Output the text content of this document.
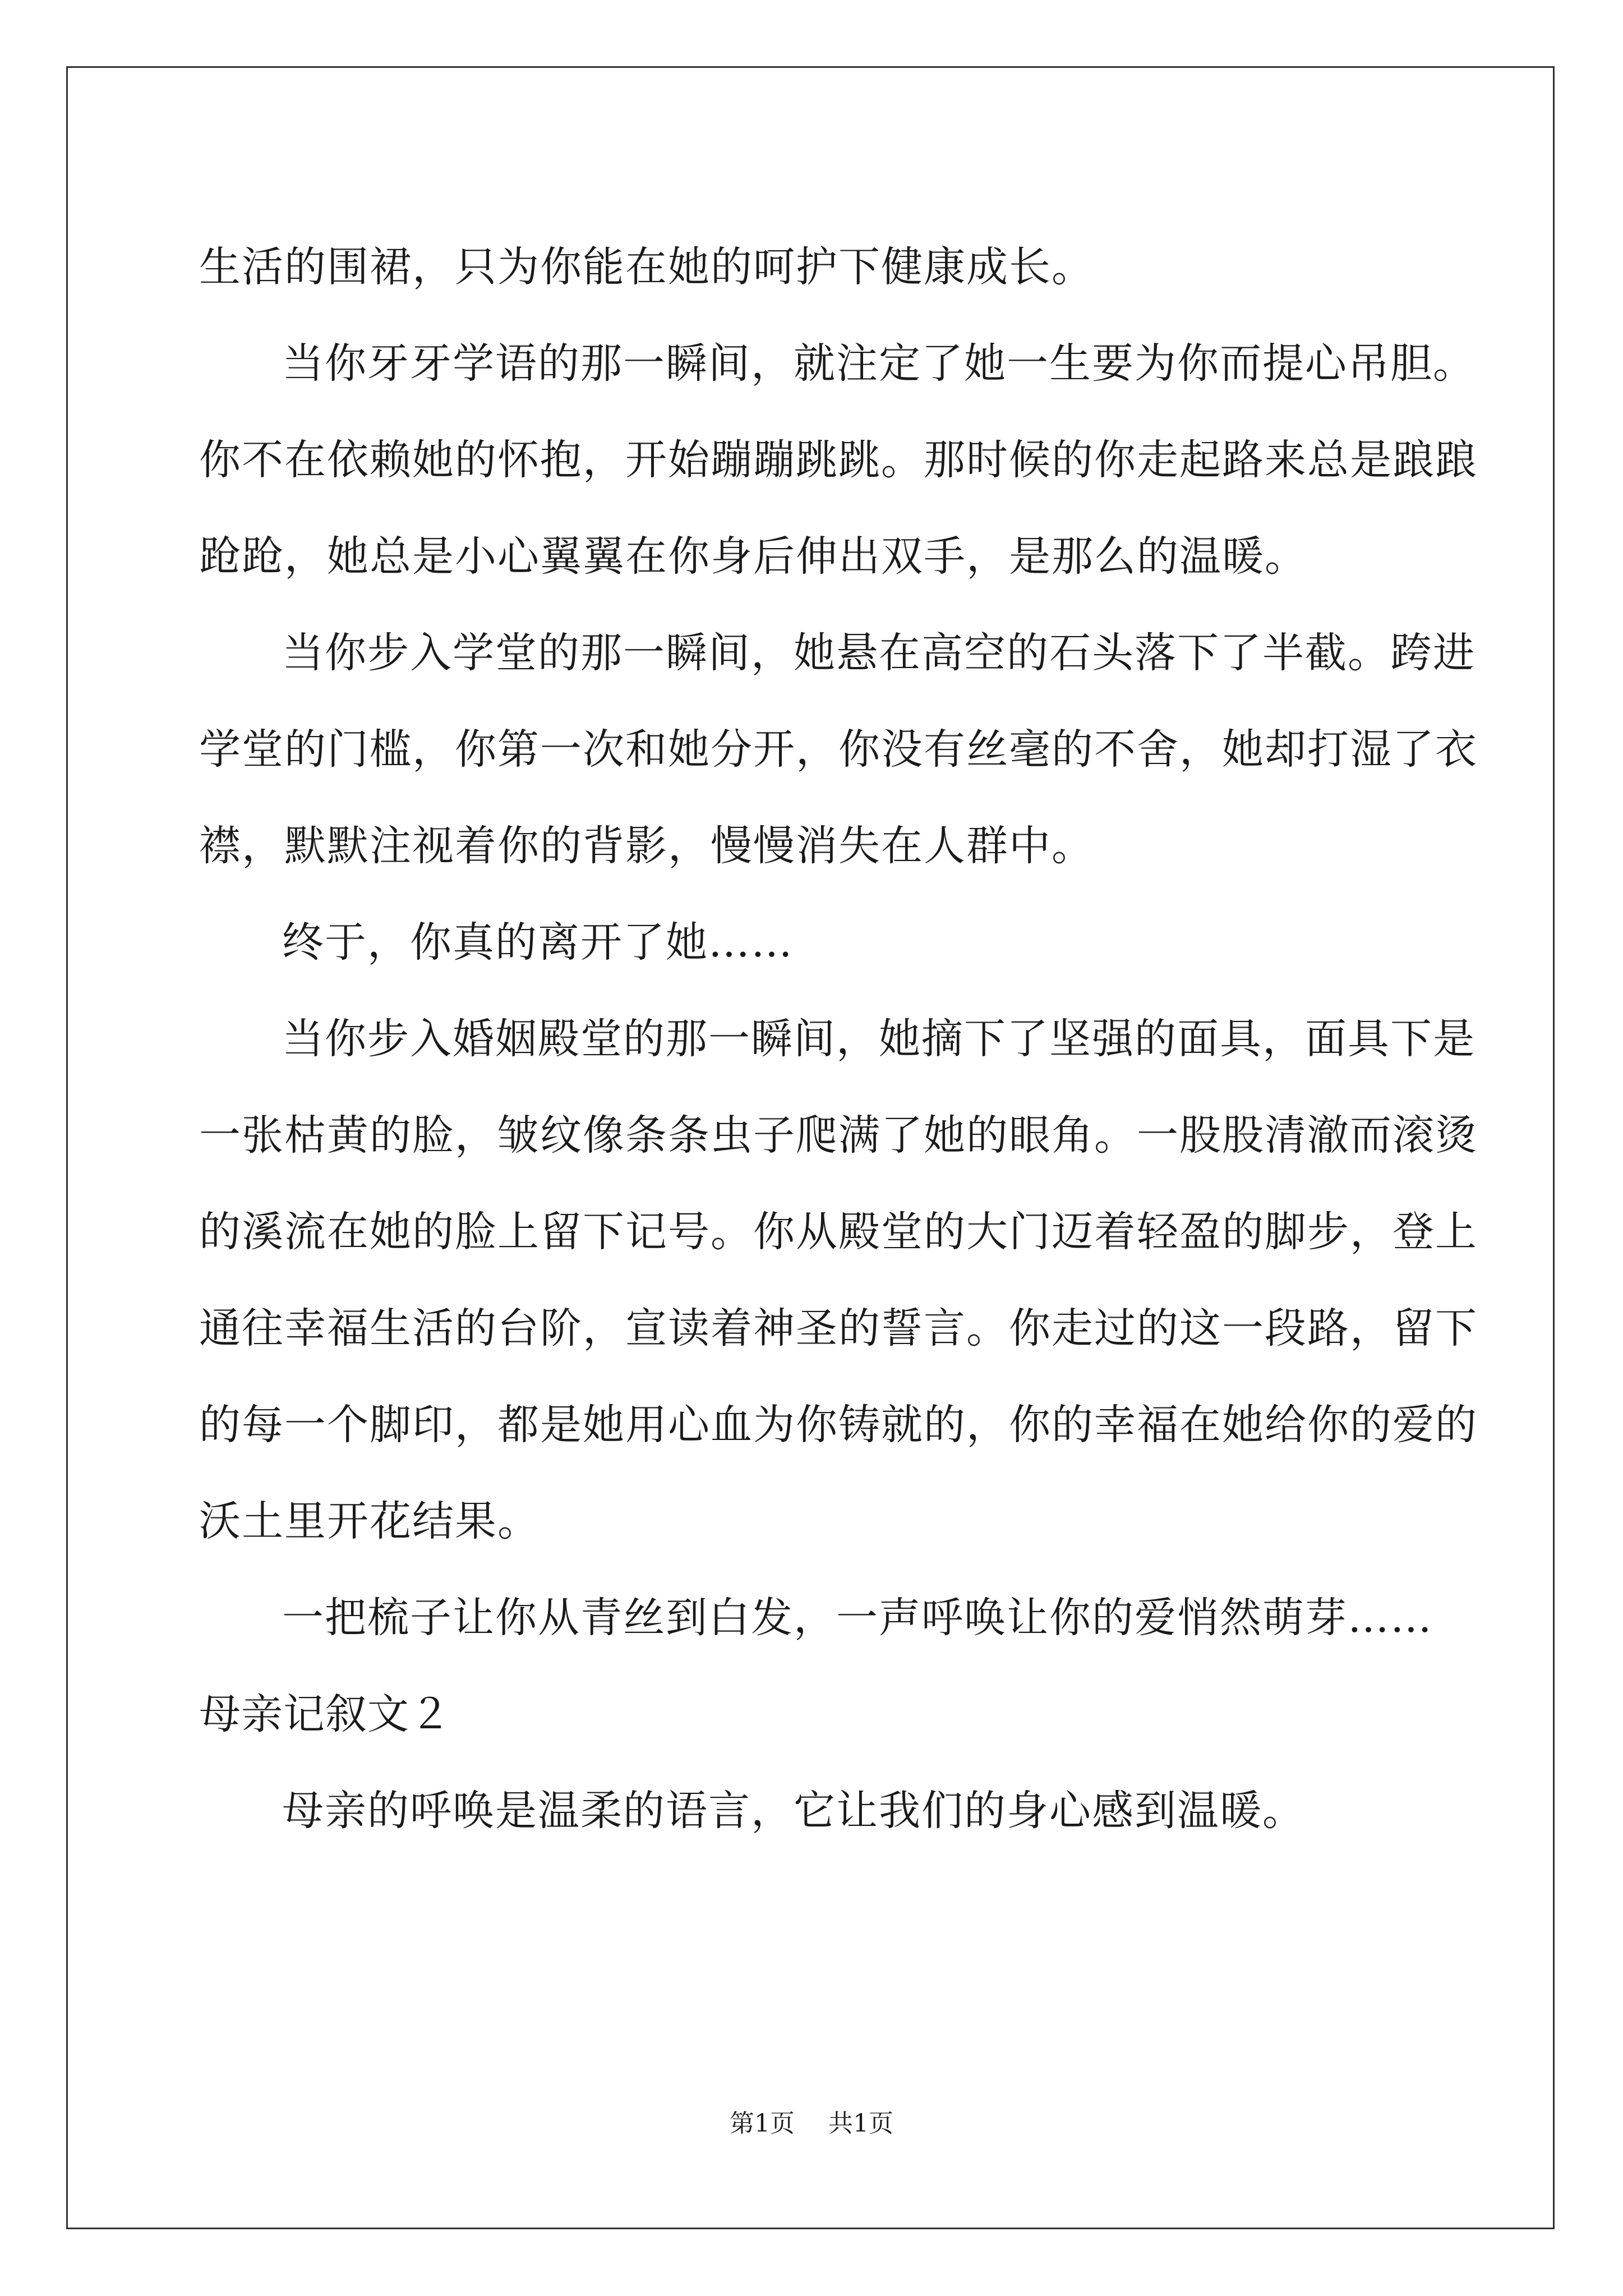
生活的围裙，只为你能在她的呵护下健康成长。
当你牙牙学语的那一瞬间，就注定了她一生要为你而提心吊胆。
你不在依赖她的怀抱，开始蹦蹦跳跳。那时候的你走起路来总是踉踉
跄跄，她总是小心翼翼在你身后伸出双手，是那么的温暖。
当你步入学堂的那一瞬间，她悬在高空的石头落下了半截。跨进
学堂的门槛，你第一次和她分开，你没有丝毫的不舍，她却打湿了衣
襟，默默注视着你的背影，慢慢消失在人群中。
终于，你真的离开了她……
当你步入婚姻殿堂的那一瞬间，她摘下了坚强的面具，面具下是
一张枯黄的脸，皱纹像条条虫子爬满了她的眼角。一股股清澈而滚烫
的溪流在她的脸上留下记号。你从殿堂的大门迈着轻盈的脚步，登上
通往幸福生活的台阶，宣读着神圣的誓言。你走过的这一段路，留下
的每一个脚印，都是她用心血为你铸就的，你的幸福在她给你的爱的
沃土里开花结果。
一把梳子让你从青丝到白发，一声呼唤让你的爱悄然萌芽……
母亲记叙文２
母亲的呼唤是温柔的语言，它让我们的身心感到温暖。
第1页 共1页
